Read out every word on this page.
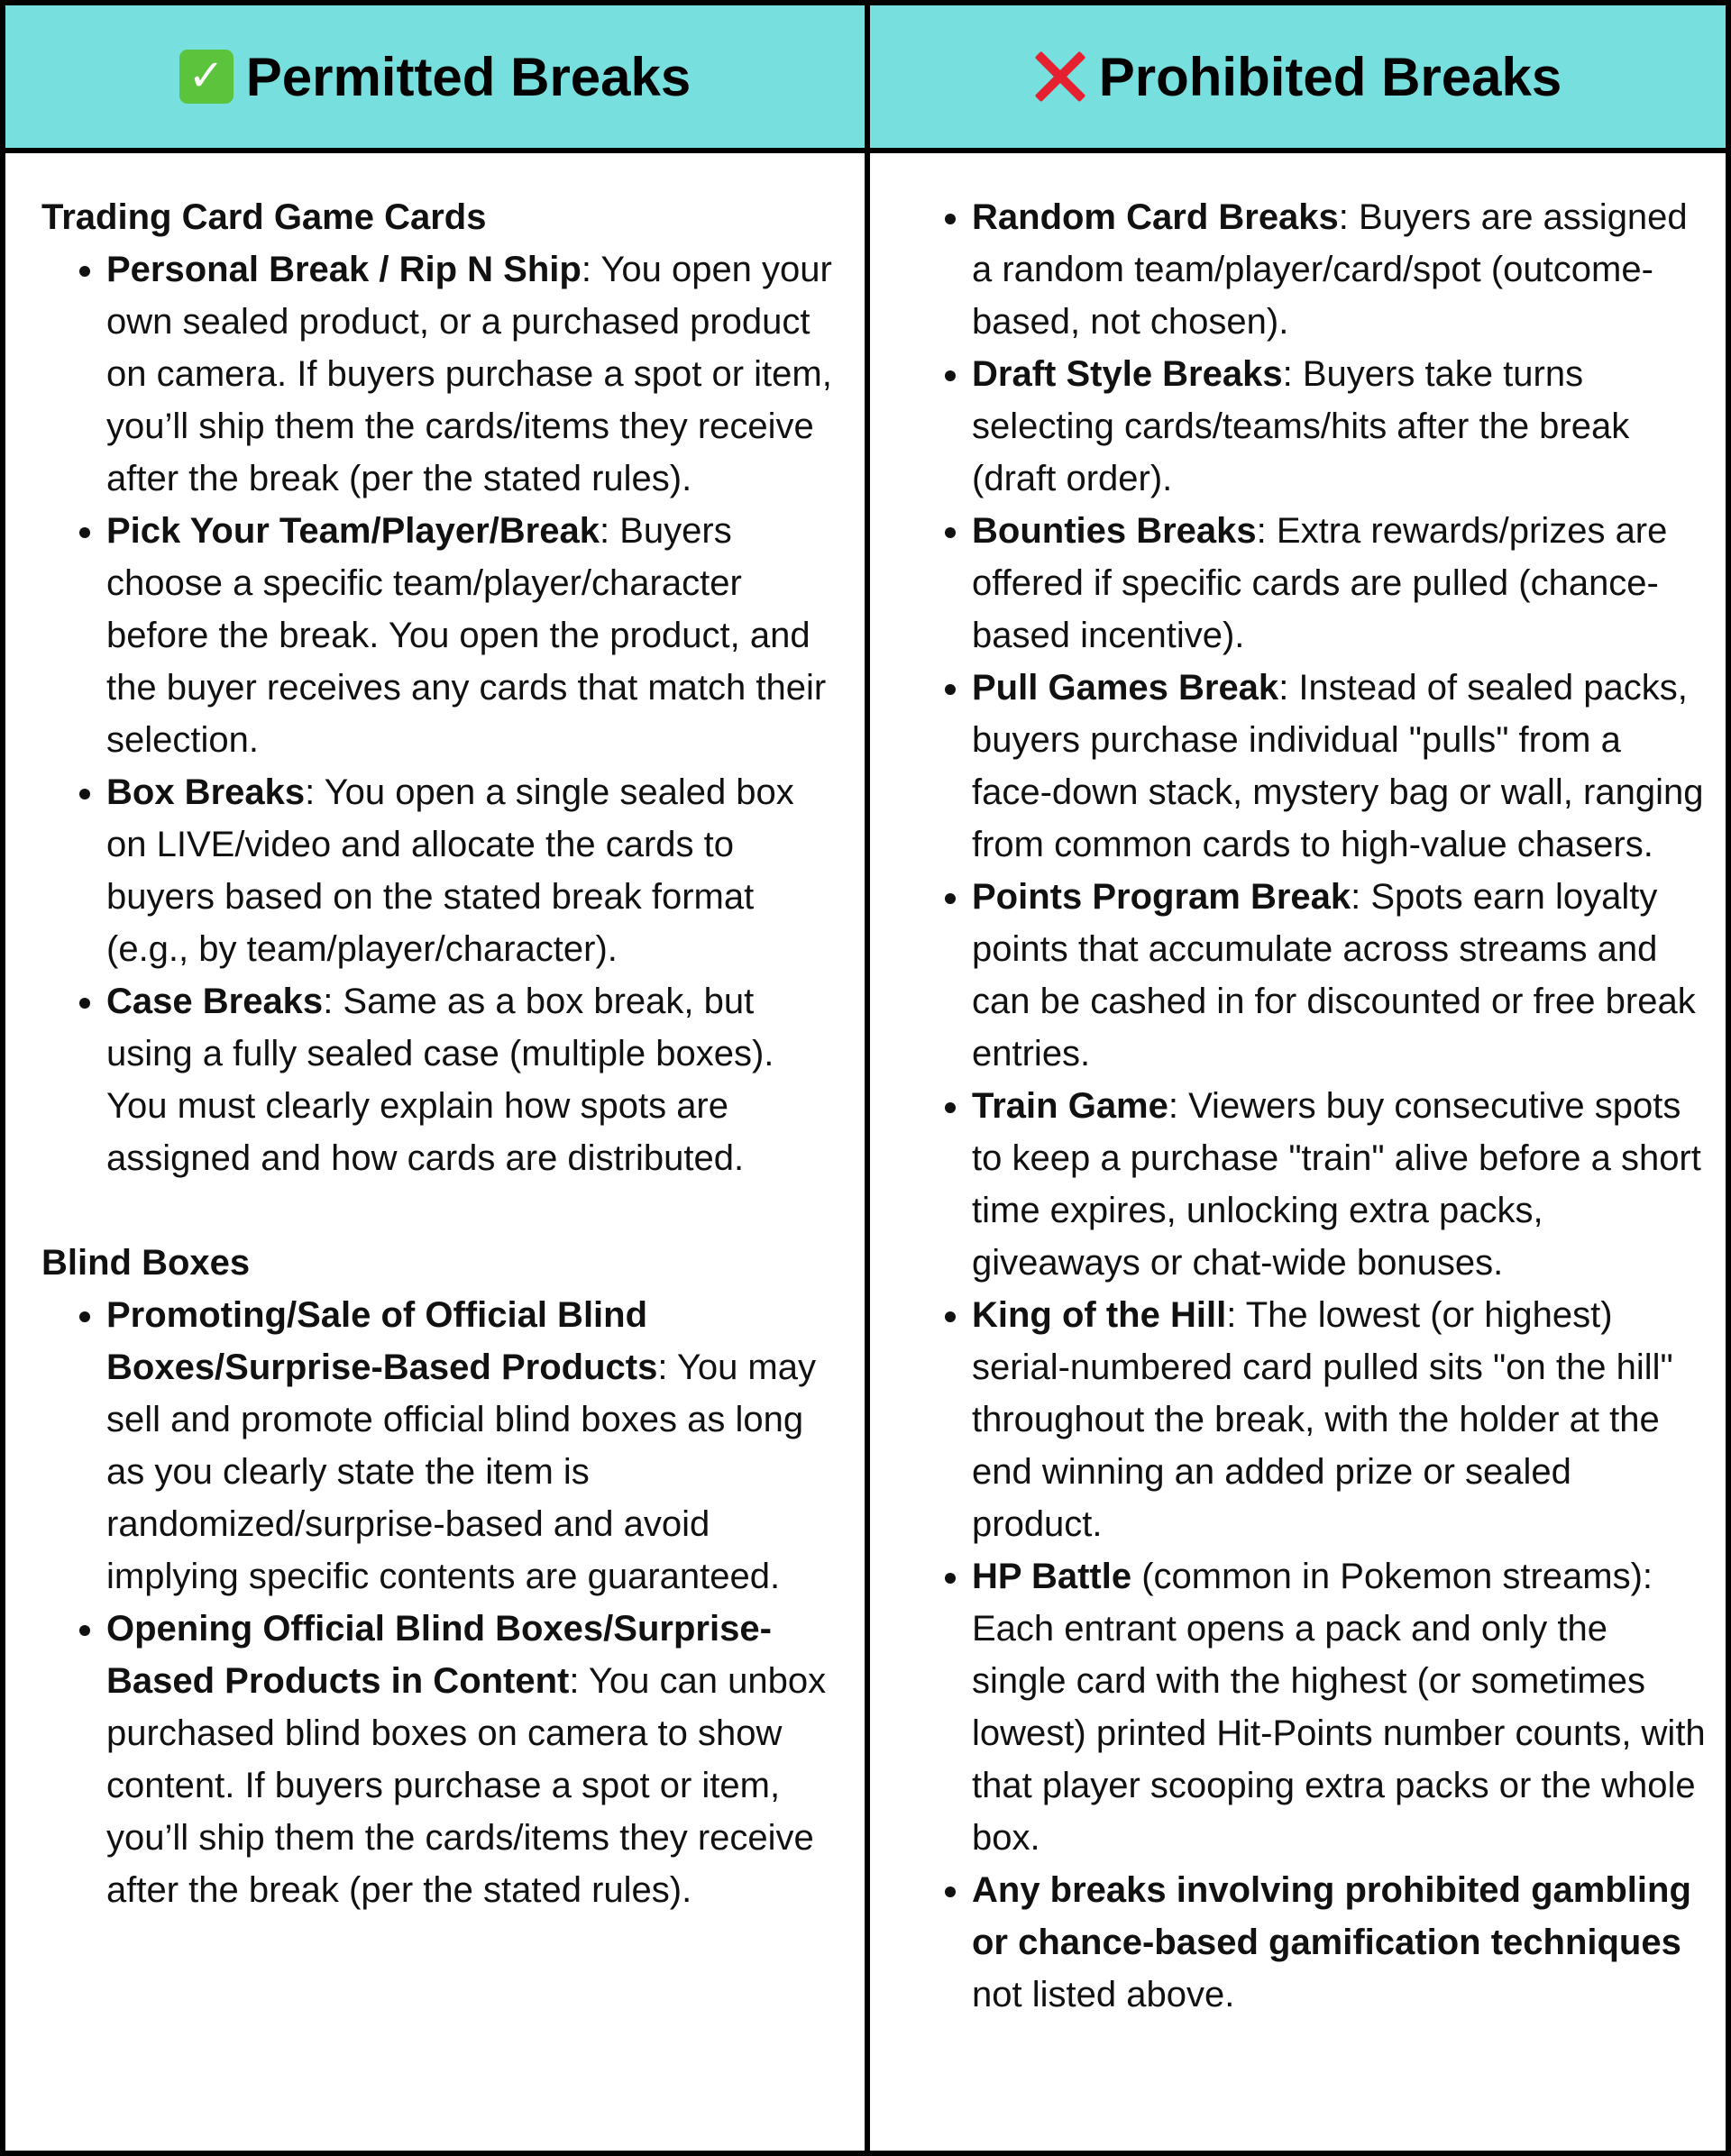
✓ Permitted Breaks	Prohibited Breaks
Trading Card Game Cards
• Personal Break / Rip N Ship: You open your own sealed product, or a purchased product on camera. If buyers purchase a spot or item, you’ll ship them the cards/items they receive after the break (per the stated rules).
• Pick Your Team/Player/Break: Buyers choose a specific team/player/character before the break. You open the product, and the buyer receives any cards that match their selection.
• Box Breaks: You open a single sealed box on LIVE/video and allocate the cards to buyers based on the stated break format (e.g., by team/player/character).
• Case Breaks: Same as a box break, but using a fully sealed case (multiple boxes). You must clearly explain how spots are assigned and how cards are distributed.
Blind Boxes
• Promoting/Sale of Official Blind Boxes/Surprise-Based Products: You may sell and promote official blind boxes as long as you clearly state the item is randomized/surprise-based and avoid implying specific contents are guaranteed.
• Opening Official Blind Boxes/Surprise-Based Products in Content: You can unbox purchased blind boxes on camera to show content. If buyers purchase a spot or item, you’ll ship them the cards/items they receive after the break (per the stated rules).
• Random Card Breaks: Buyers are assigned a random team/player/card/spot (outcome-based, not chosen).
• Draft Style Breaks: Buyers take turns selecting cards/teams/hits after the break (draft order).
• Bounties Breaks: Extra rewards/prizes are offered if specific cards are pulled (chance-based incentive).
• Pull Games Break: Instead of sealed packs, buyers purchase individual "pulls" from a face-down stack, mystery bag or wall, ranging from common cards to high-value chasers.
• Points Program Break: Spots earn loyalty points that accumulate across streams and can be cashed in for discounted or free break entries.
• Train Game: Viewers buy consecutive spots to keep a purchase "train" alive before a short time expires, unlocking extra packs, giveaways or chat-wide bonuses.
• King of the Hill: The lowest (or highest) serial-numbered card pulled sits "on the hill" throughout the break, with the holder at the end winning an added prize or sealed product.
• HP Battle (common in Pokemon streams): Each entrant opens a pack and only the single card with the highest (or sometimes lowest) printed Hit-Points number counts, with that player scooping extra packs or the whole box.
• Any breaks involving prohibited gambling or chance-based gamification techniques not listed above.
